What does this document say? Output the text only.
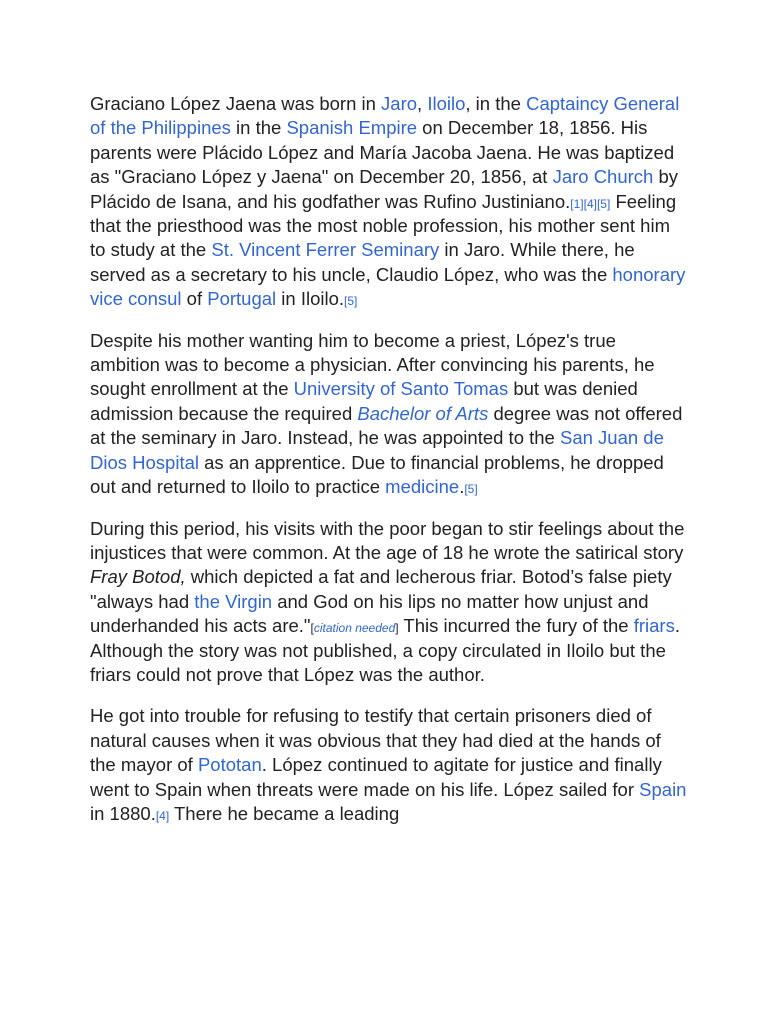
Graciano López Jaena was born in Jaro, Iloilo, in the Captaincy General of the Philippines in the Spanish Empire on December 18, 1856. His parents were Plácido López and María Jacoba Jaena. He was baptized as "Graciano López y Jaena" on December 20, 1856, at Jaro Church by Plácido de Isana, and his godfather was Rufino Justiniano.[1][4][5] Feeling that the priesthood was the most noble profession, his mother sent him to study at the St. Vincent Ferrer Seminary in Jaro. While there, he served as a secretary to his uncle, Claudio López, who was the honorary vice consul of Portugal in Iloilo.[5]

Despite his mother wanting him to become a priest, López's true ambition was to become a physician. After convincing his parents, he sought enrollment at the University of Santo Tomas but was denied admission because the required Bachelor of Arts degree was not offered at the seminary in Jaro. Instead, he was appointed to the San Juan de Dios Hospital as an apprentice. Due to financial problems, he dropped out and returned to Iloilo to practice medicine.[5]

During this period, his visits with the poor began to stir feelings about the injustices that were common. At the age of 18 he wrote the satirical story Fray Botod, which depicted a fat and lecherous friar. Botod’s false piety "always had the Virgin and God on his lips no matter how unjust and underhanded his acts are."[citation needed] This incurred the fury of the friars. Although the story was not published, a copy circulated in Iloilo but the friars could not prove that López was the author.

He got into trouble for refusing to testify that certain prisoners died of natural causes when it was obvious that they had died at the hands of the mayor of Pototan. López continued to agitate for justice and finally went to Spain when threats were made on his life. López sailed for Spain in 1880.[4] There he became a leading
